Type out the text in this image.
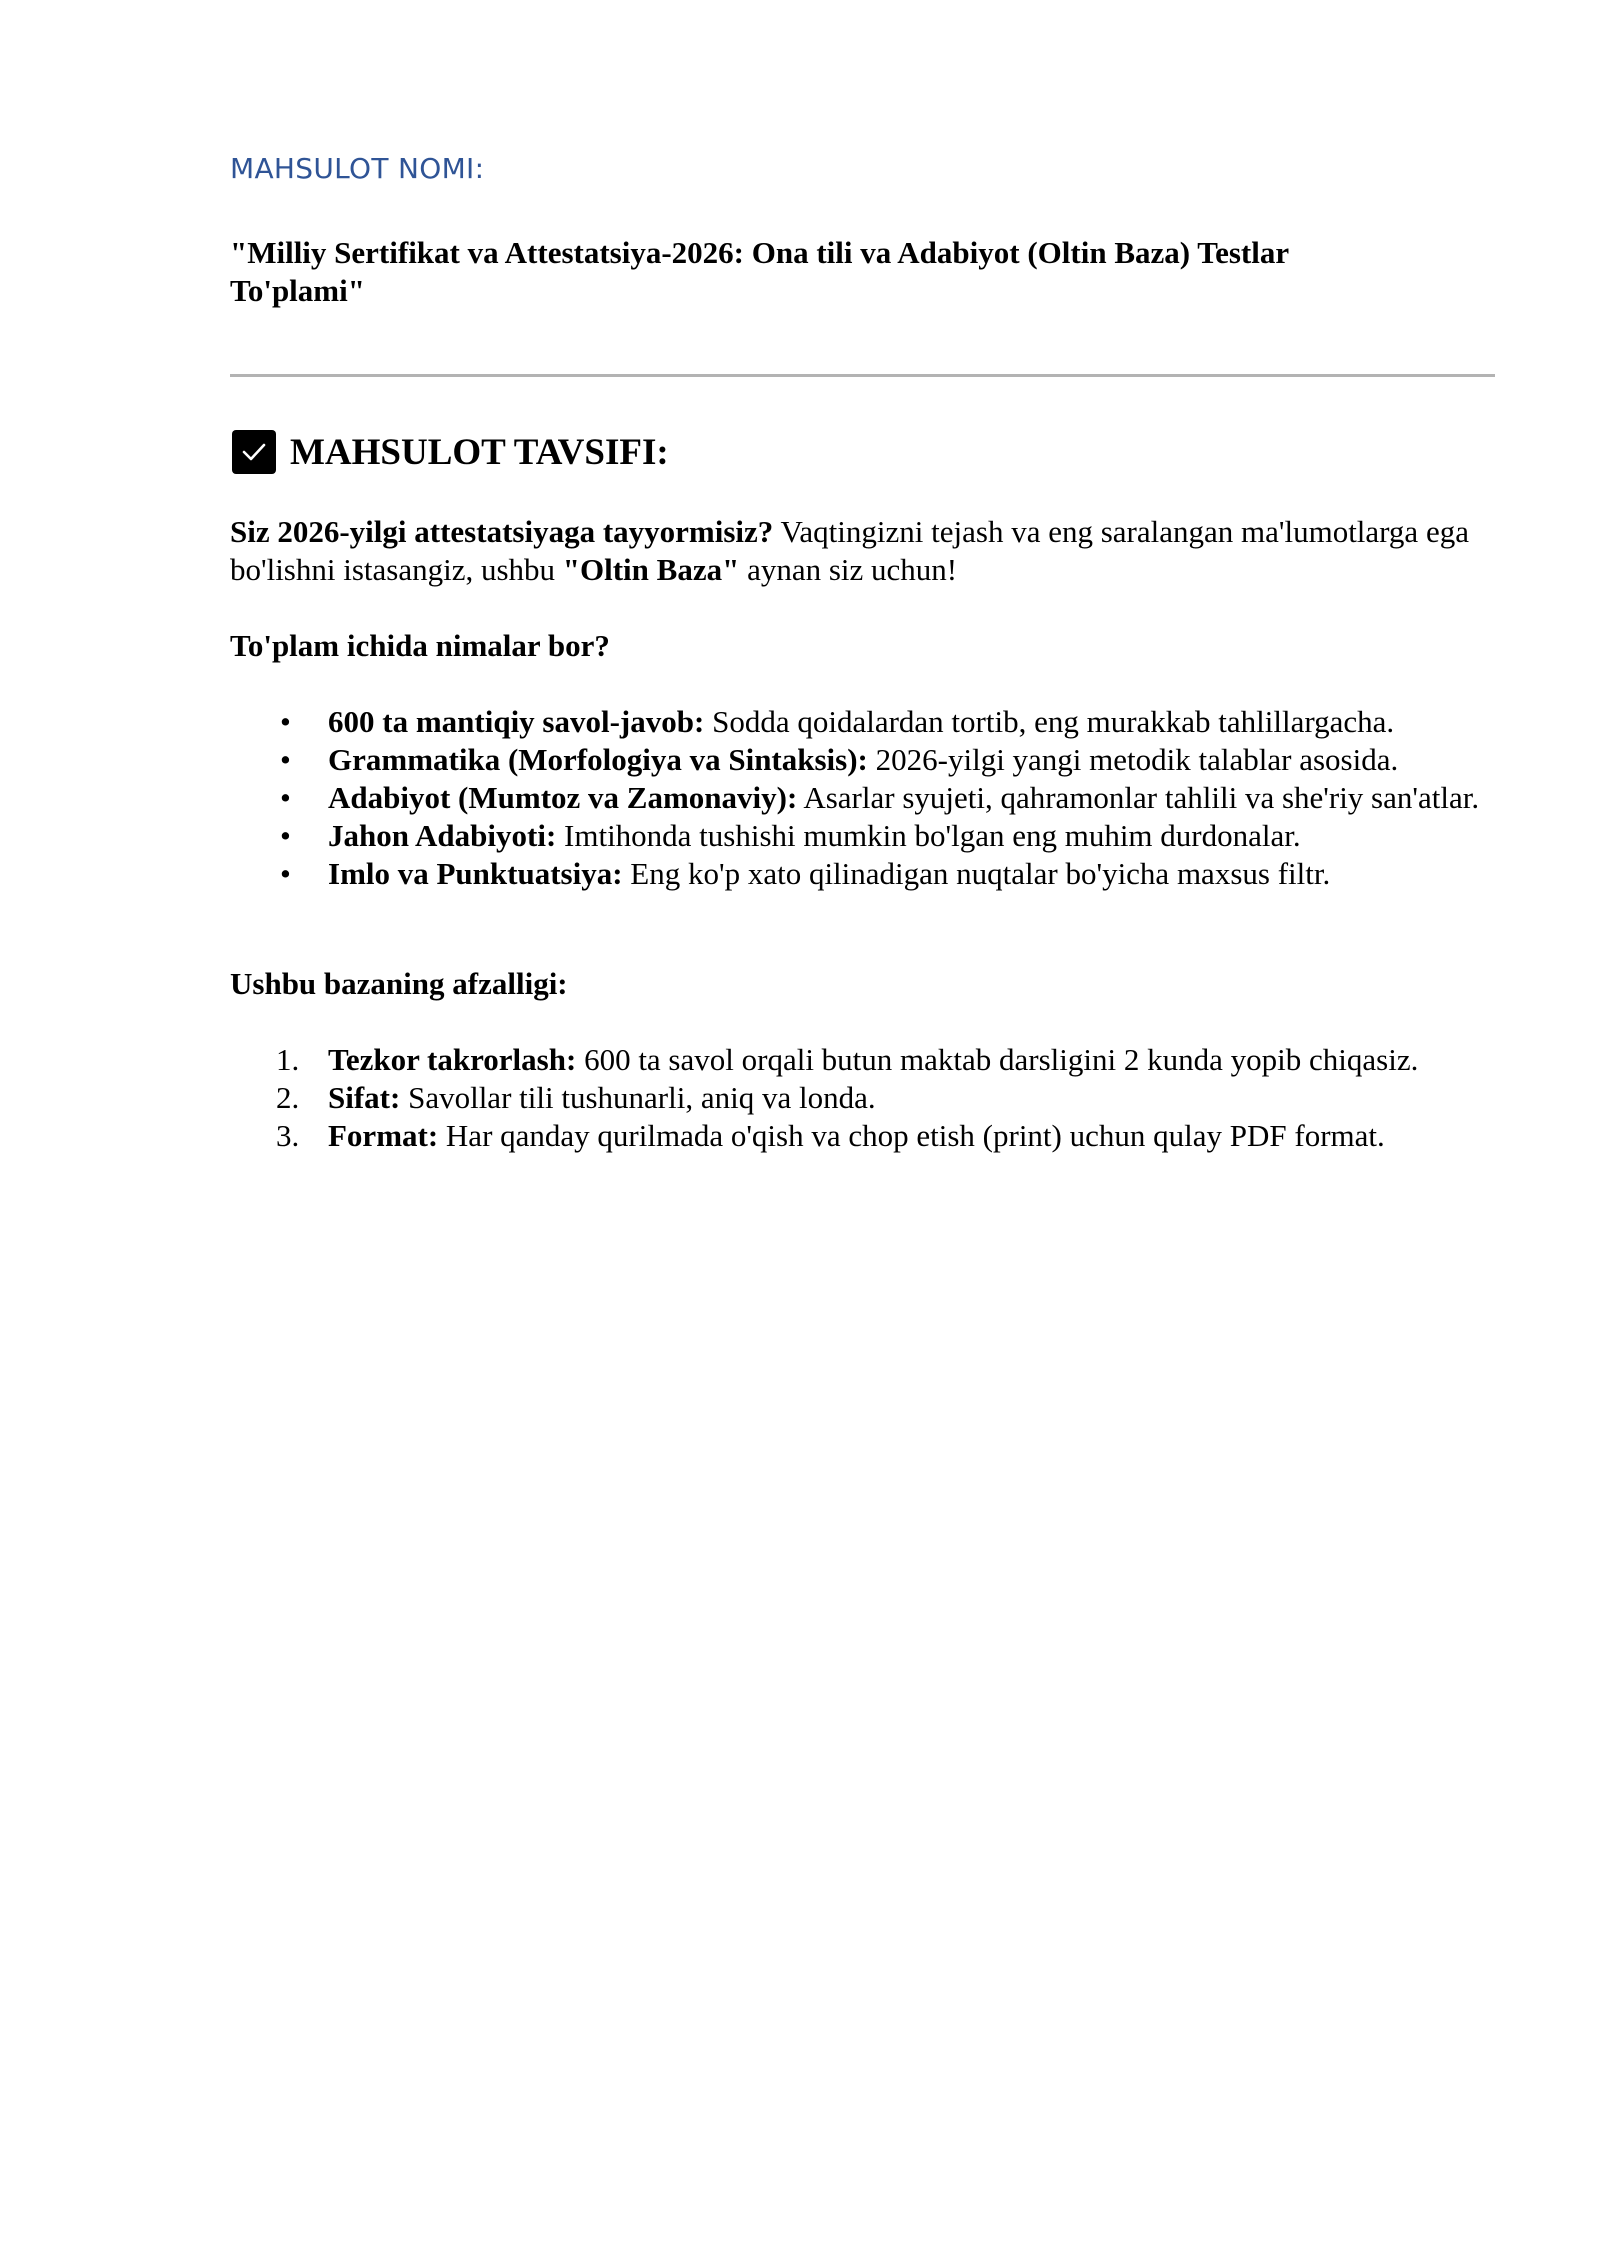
MAHSULOT NOMI:
"Milliy Sertifikat va Attestatsiya-2026: Ona tili va Adabiyot (Oltin Baza) Testlar To'plami"
MAHSULOT TAVSIFI:
Siz 2026-yilgi attestatsiyaga tayyormisiz? Vaqtingizni tejash va eng saralangan ma'lumotlarga ega bo'lishni istasangiz, ushbu "Oltin Baza" aynan siz uchun!
To'plam ichida nimalar bor?
• 600 ta mantiqiy savol-javob: Sodda qoidalardan tortib, eng murakkab tahlillargacha.
• Grammatika (Morfologiya va Sintaksis): 2026-yilgi yangi metodik talablar asosida.
• Adabiyot (Mumtoz va Zamonaviy): Asarlar syujeti, qahramonlar tahlili va she'riy san'atlar.
• Jahon Adabiyoti: Imtihonda tushishi mumkin bo'lgan eng muhim durdonalar.
• Imlo va Punktuatsiya: Eng ko'p xato qilinadigan nuqtalar bo'yicha maxsus filtr.
Ushbu bazaning afzalligi:
1. Tezkor takrorlash: 600 ta savol orqali butun maktab darsligini 2 kunda yopib chiqasiz.
2. Sifat: Savollar tili tushunarli, aniq va londa.
3. Format: Har qanday qurilmada o'qish va chop etish (print) uchun qulay PDF format.
